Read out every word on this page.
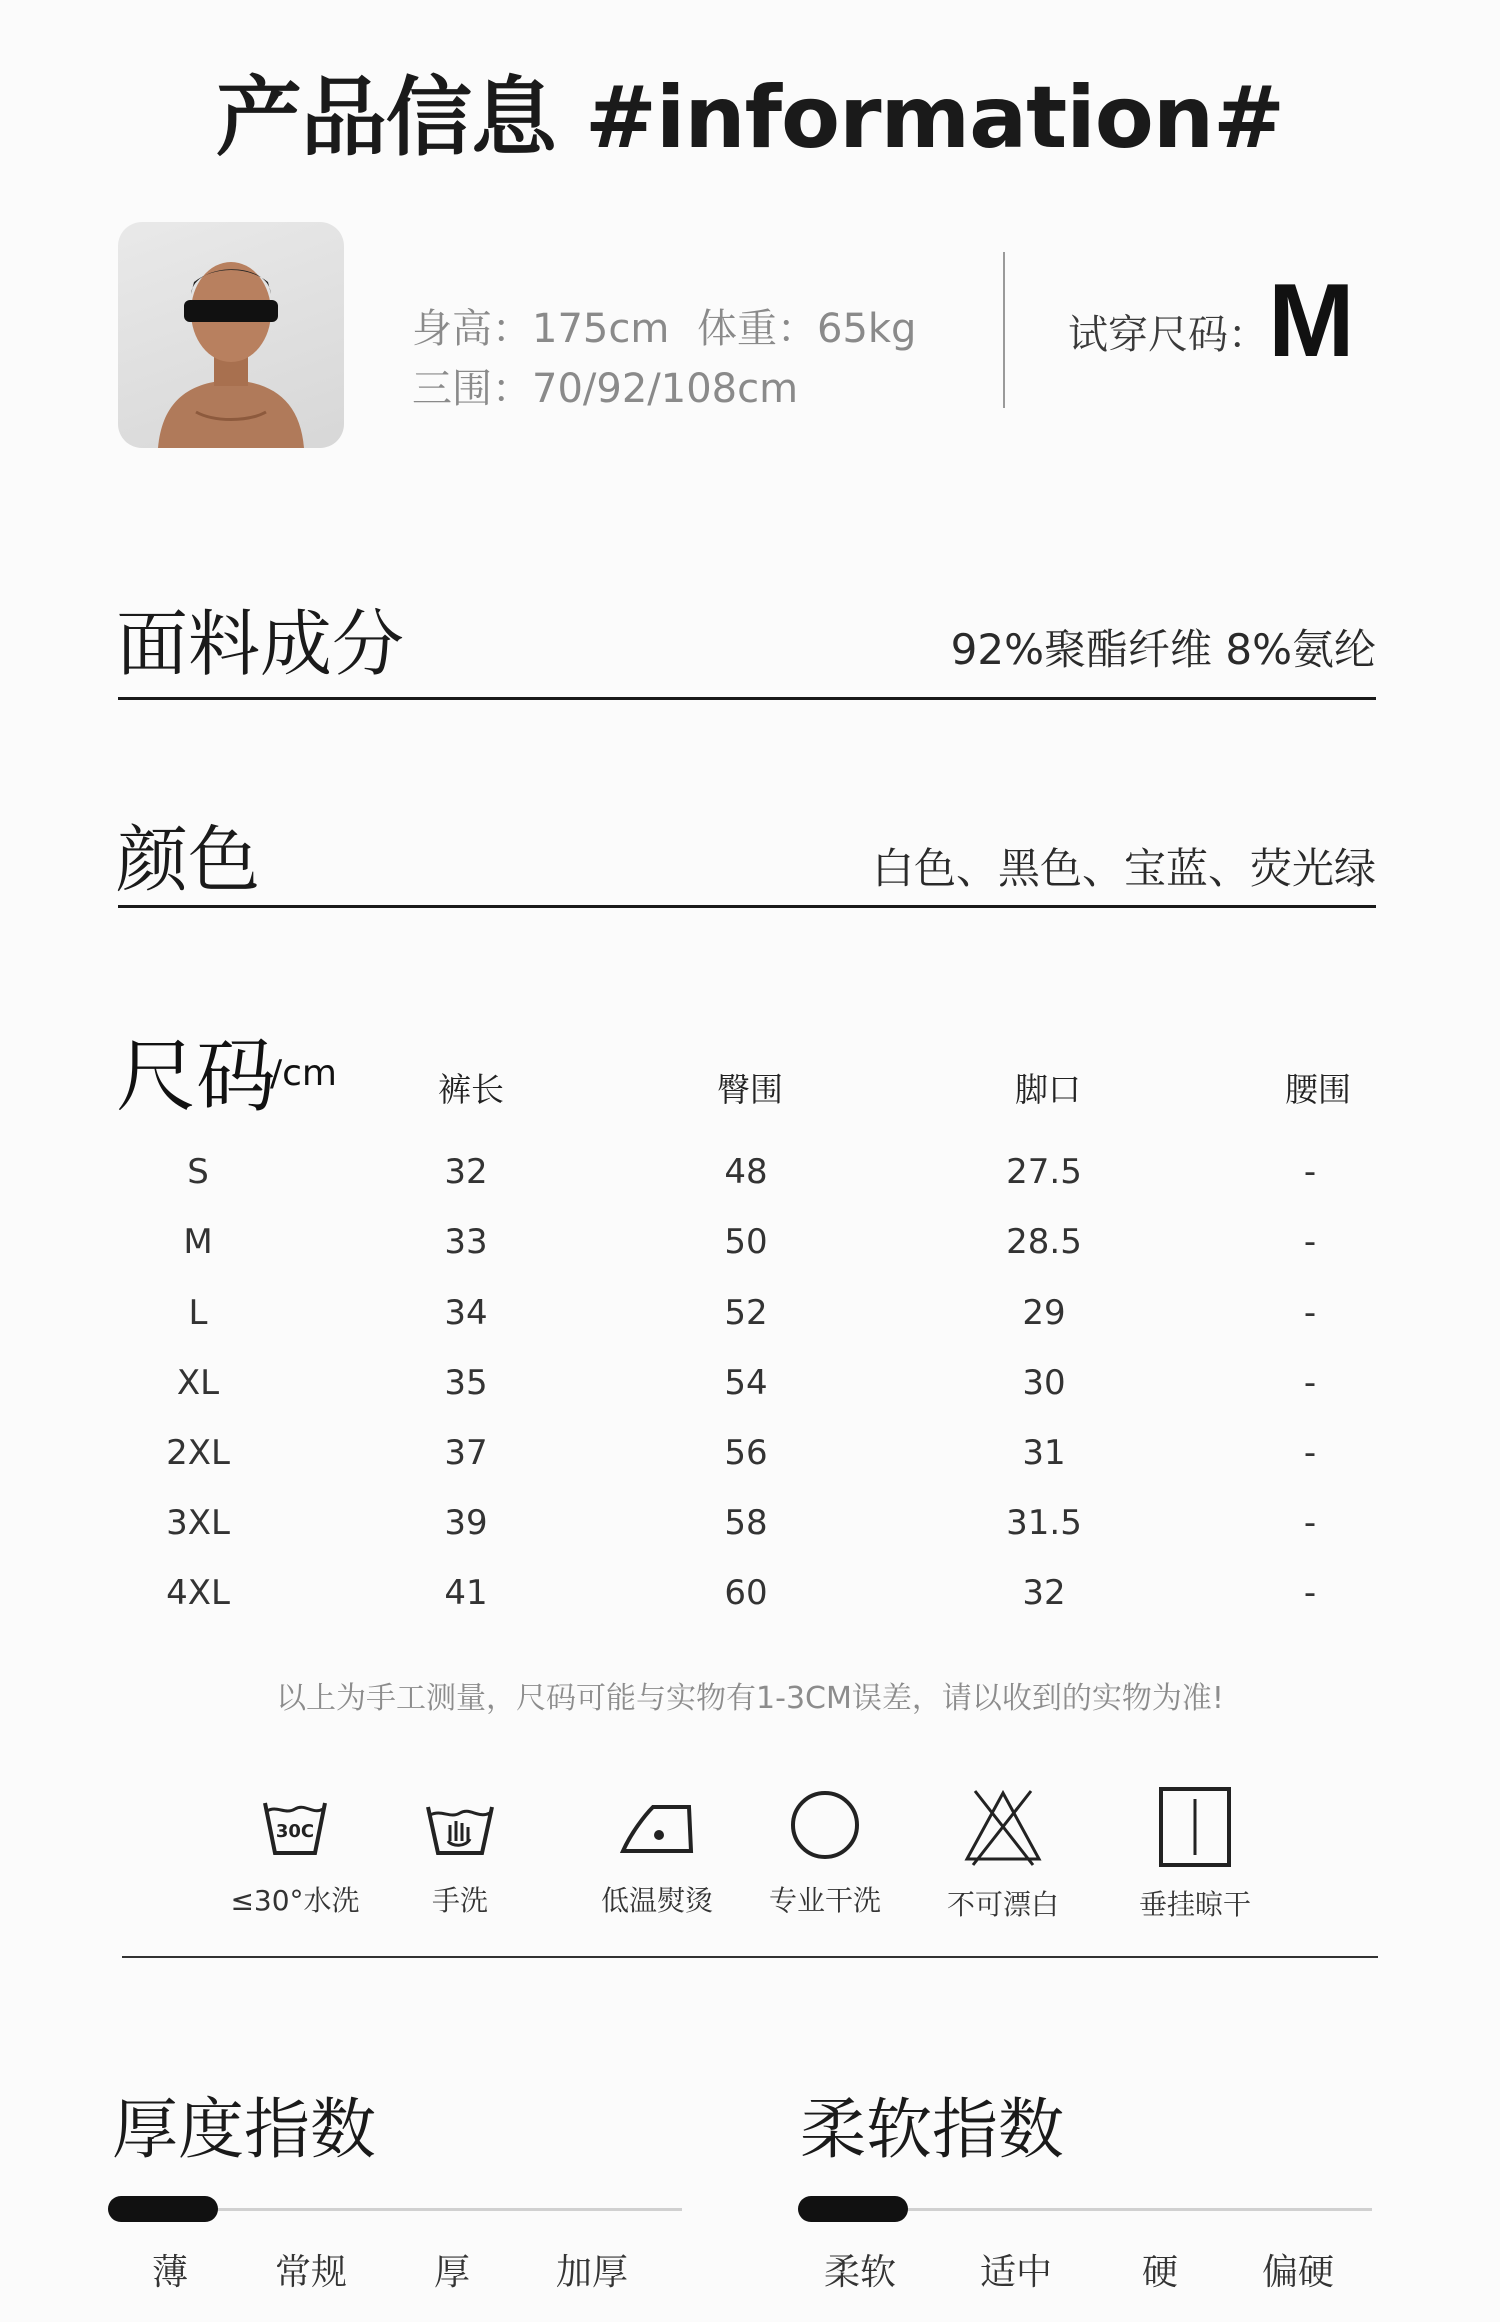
产品信息 #information#
身高：175cm 体重：65kg
三围：70/92/108cm
试穿尺码： M
面料成分	92%聚酯纤维 8%氨纶
颜色	白色、黑色、宝蓝、荧光绿
尺码
/cm	裤长	臀围	脚口	腰围
S	32	48	27.5	-
M	33	50	28.5	-
L	34	52	29	-
XL	35	54	30	-
2XL	37	56	31	-
3XL	39	58	31.5	-
4XL	41	60	32	-
以上为手工测量，尺码可能与实物有1-3CM误差，请以收到的实物为准!
30C
≤30°水洗	手洗	低温熨烫	专业干洗	不可漂白	垂挂晾干
厚度指数
薄	常规	厚	加厚
柔软指数
柔软	适中	硬	偏硬
